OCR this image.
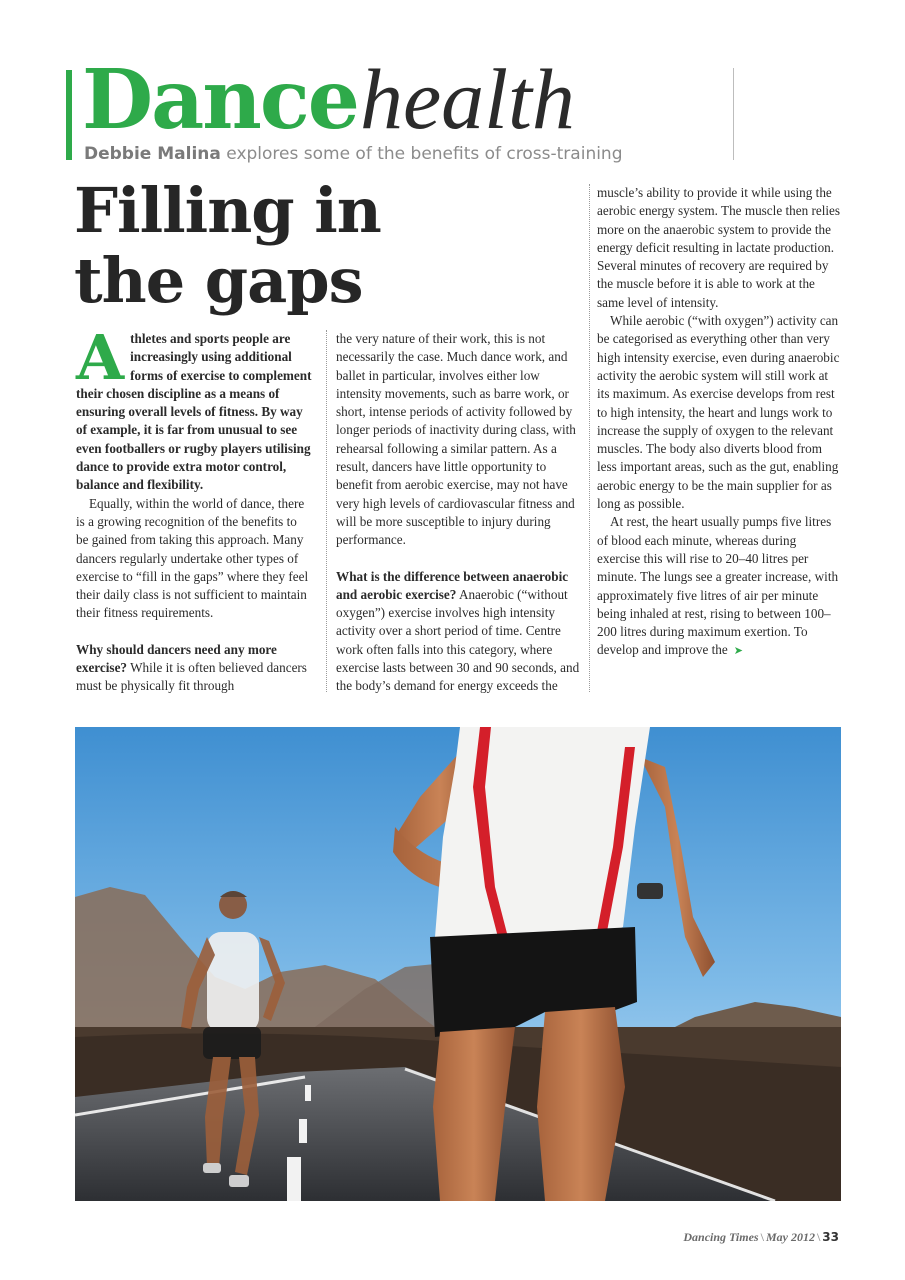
Dancehealth
Debbie Malina explores some of the benefits of cross-training
Filling in the gaps

Athletes and sports people are increasingly using additional forms of exercise to complement their chosen discipline as a means of ensuring overall levels of fitness. By way of example, it is far from unusual to see even footballers or rugby players utilising dance to provide extra motor control, balance and flexibility.

Equally, within the world of dance, there is a growing recognition of the benefits to be gained from taking this approach. Many dancers regularly undertake other types of exercise to “fill in the gaps” where they feel their daily class is not sufficient to maintain their fitness requirements.

Why should dancers need any more exercise? While it is often believed dancers must be physically fit through

the very nature of their work, this is not necessarily the case. Much dance work, and ballet in particular, involves either low intensity movements, such as barre work, or short, intense periods of activity followed by longer periods of inactivity during class, with rehearsal following a similar pattern. As a result, dancers have little opportunity to benefit from aerobic exercise, may not have very high levels of cardiovascular fitness and will be more susceptible to injury during performance.

What is the difference between anaerobic and aerobic exercise? Anaerobic (“without oxygen”) exercise involves high intensity activity over a short period of time. Centre work often falls into this category, where exercise lasts between 30 and 90 seconds, and the body’s demand for energy exceeds the

muscle’s ability to provide it while using the aerobic energy system. The muscle then relies more on the anaerobic system to provide the energy deficit resulting in lactate production. Several minutes of recovery are required by the muscle before it is able to work at the same level of intensity.

While aerobic (“with oxygen”) activity can be categorised as everything other than very high intensity exercise, even during anaerobic activity the aerobic system will still work at its maximum. As exercise develops from rest to high intensity, the heart and lungs work to increase the supply of oxygen to the relevant muscles. The body also diverts blood from less important areas, such as the gut, enabling aerobic energy to be the main supplier for as long as possible.

At rest, the heart usually pumps five litres of blood each minute, whereas during exercise this will rise to 20–40 litres per minute. The lungs see a greater increase, with approximately five litres of air per minute being inhaled at rest, rising to between 100–200 litres during maximum exertion. To develop and improve the ➤

Dancing Times \ May 2012 \ 33
